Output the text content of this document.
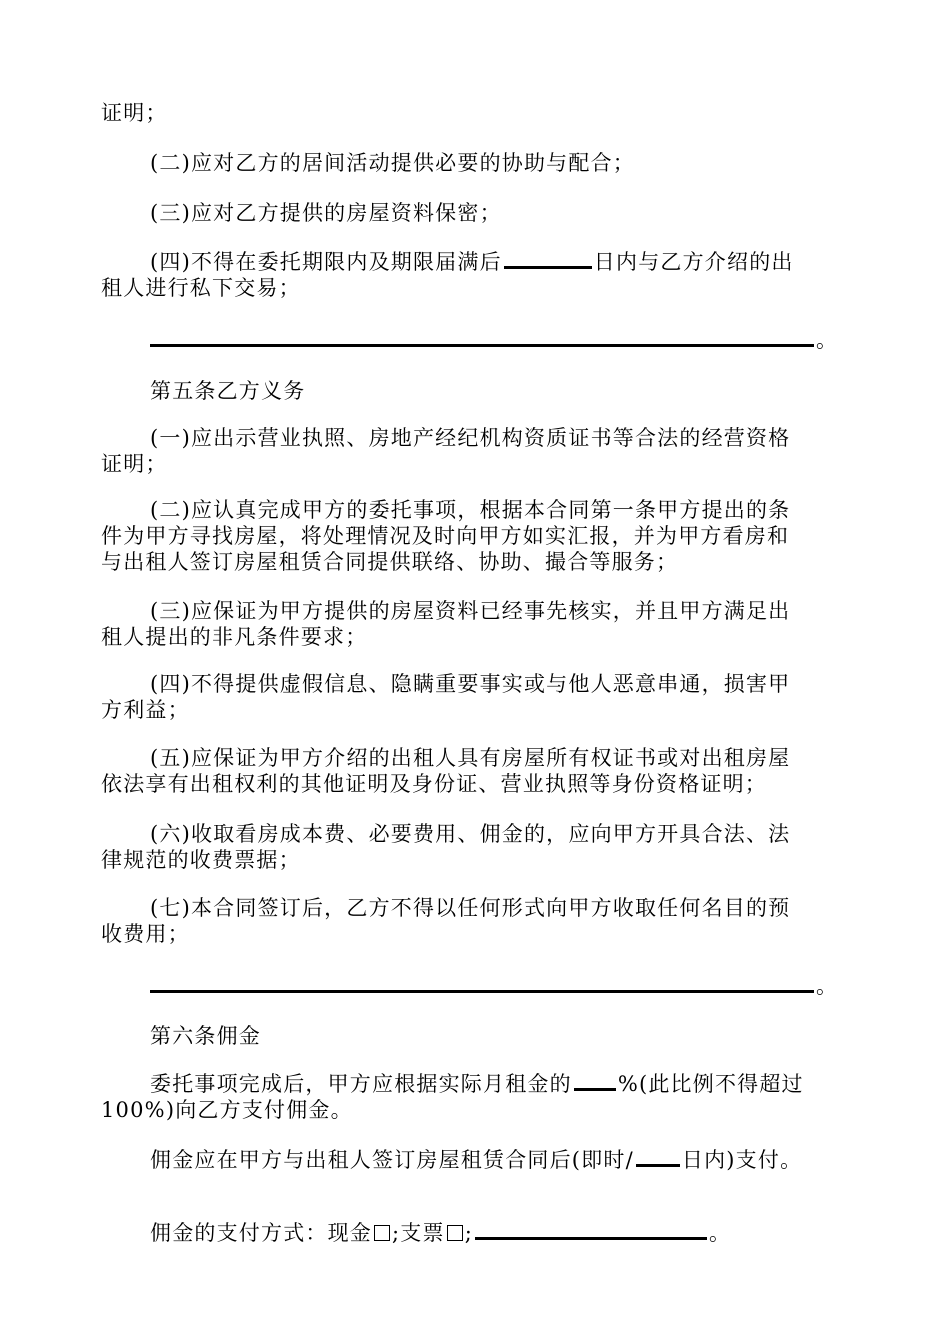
证明；
(二)应对乙方的居间活动提供必要的协助与配合；
(三)应对乙方提供的房屋资料保密；
(四)不得在委托期限内及期限届满后	日内与乙方介绍的出
租人进行私下交易；
。
第五条乙方义务
(一)应出示营业执照、房地产经纪机构资质证书等合法的经营资格
证明；
(二)应认真完成甲方的委托事项，根据本合同第一条甲方提出的条
件为甲方寻找房屋，将处理情况及时向甲方如实汇报，并为甲方看房和
与出租人签订房屋租赁合同提供联络、协助、撮合等服务；
(三)应保证为甲方提供的房屋资料已经事先核实，并且甲方满足出
租人提出的非凡条件要求；
(四)不得提供虚假信息、隐瞒重要事实或与他人恶意串通，损害甲
方利益；
(五)应保证为甲方介绍的出租人具有房屋所有权证书或对出租房屋
依法享有出租权利的其他证明及身份证、营业执照等身份资格证明；
(六)收取看房成本费、必要费用、佣金的，应向甲方开具合法、法
律规范的收费票据；
(七)本合同签订后，乙方不得以任何形式向甲方收取任何名目的预
收费用；
。
第六条佣金
委托事项完成后，甲方应根据实际月租金的 %(此比例不得超过
100%)向乙方支付佣金。
佣金应在甲方与出租人签订房屋租赁合同后(即时/ 日内)支付。
佣金的支付方式：现金 ;支票 ;	。
